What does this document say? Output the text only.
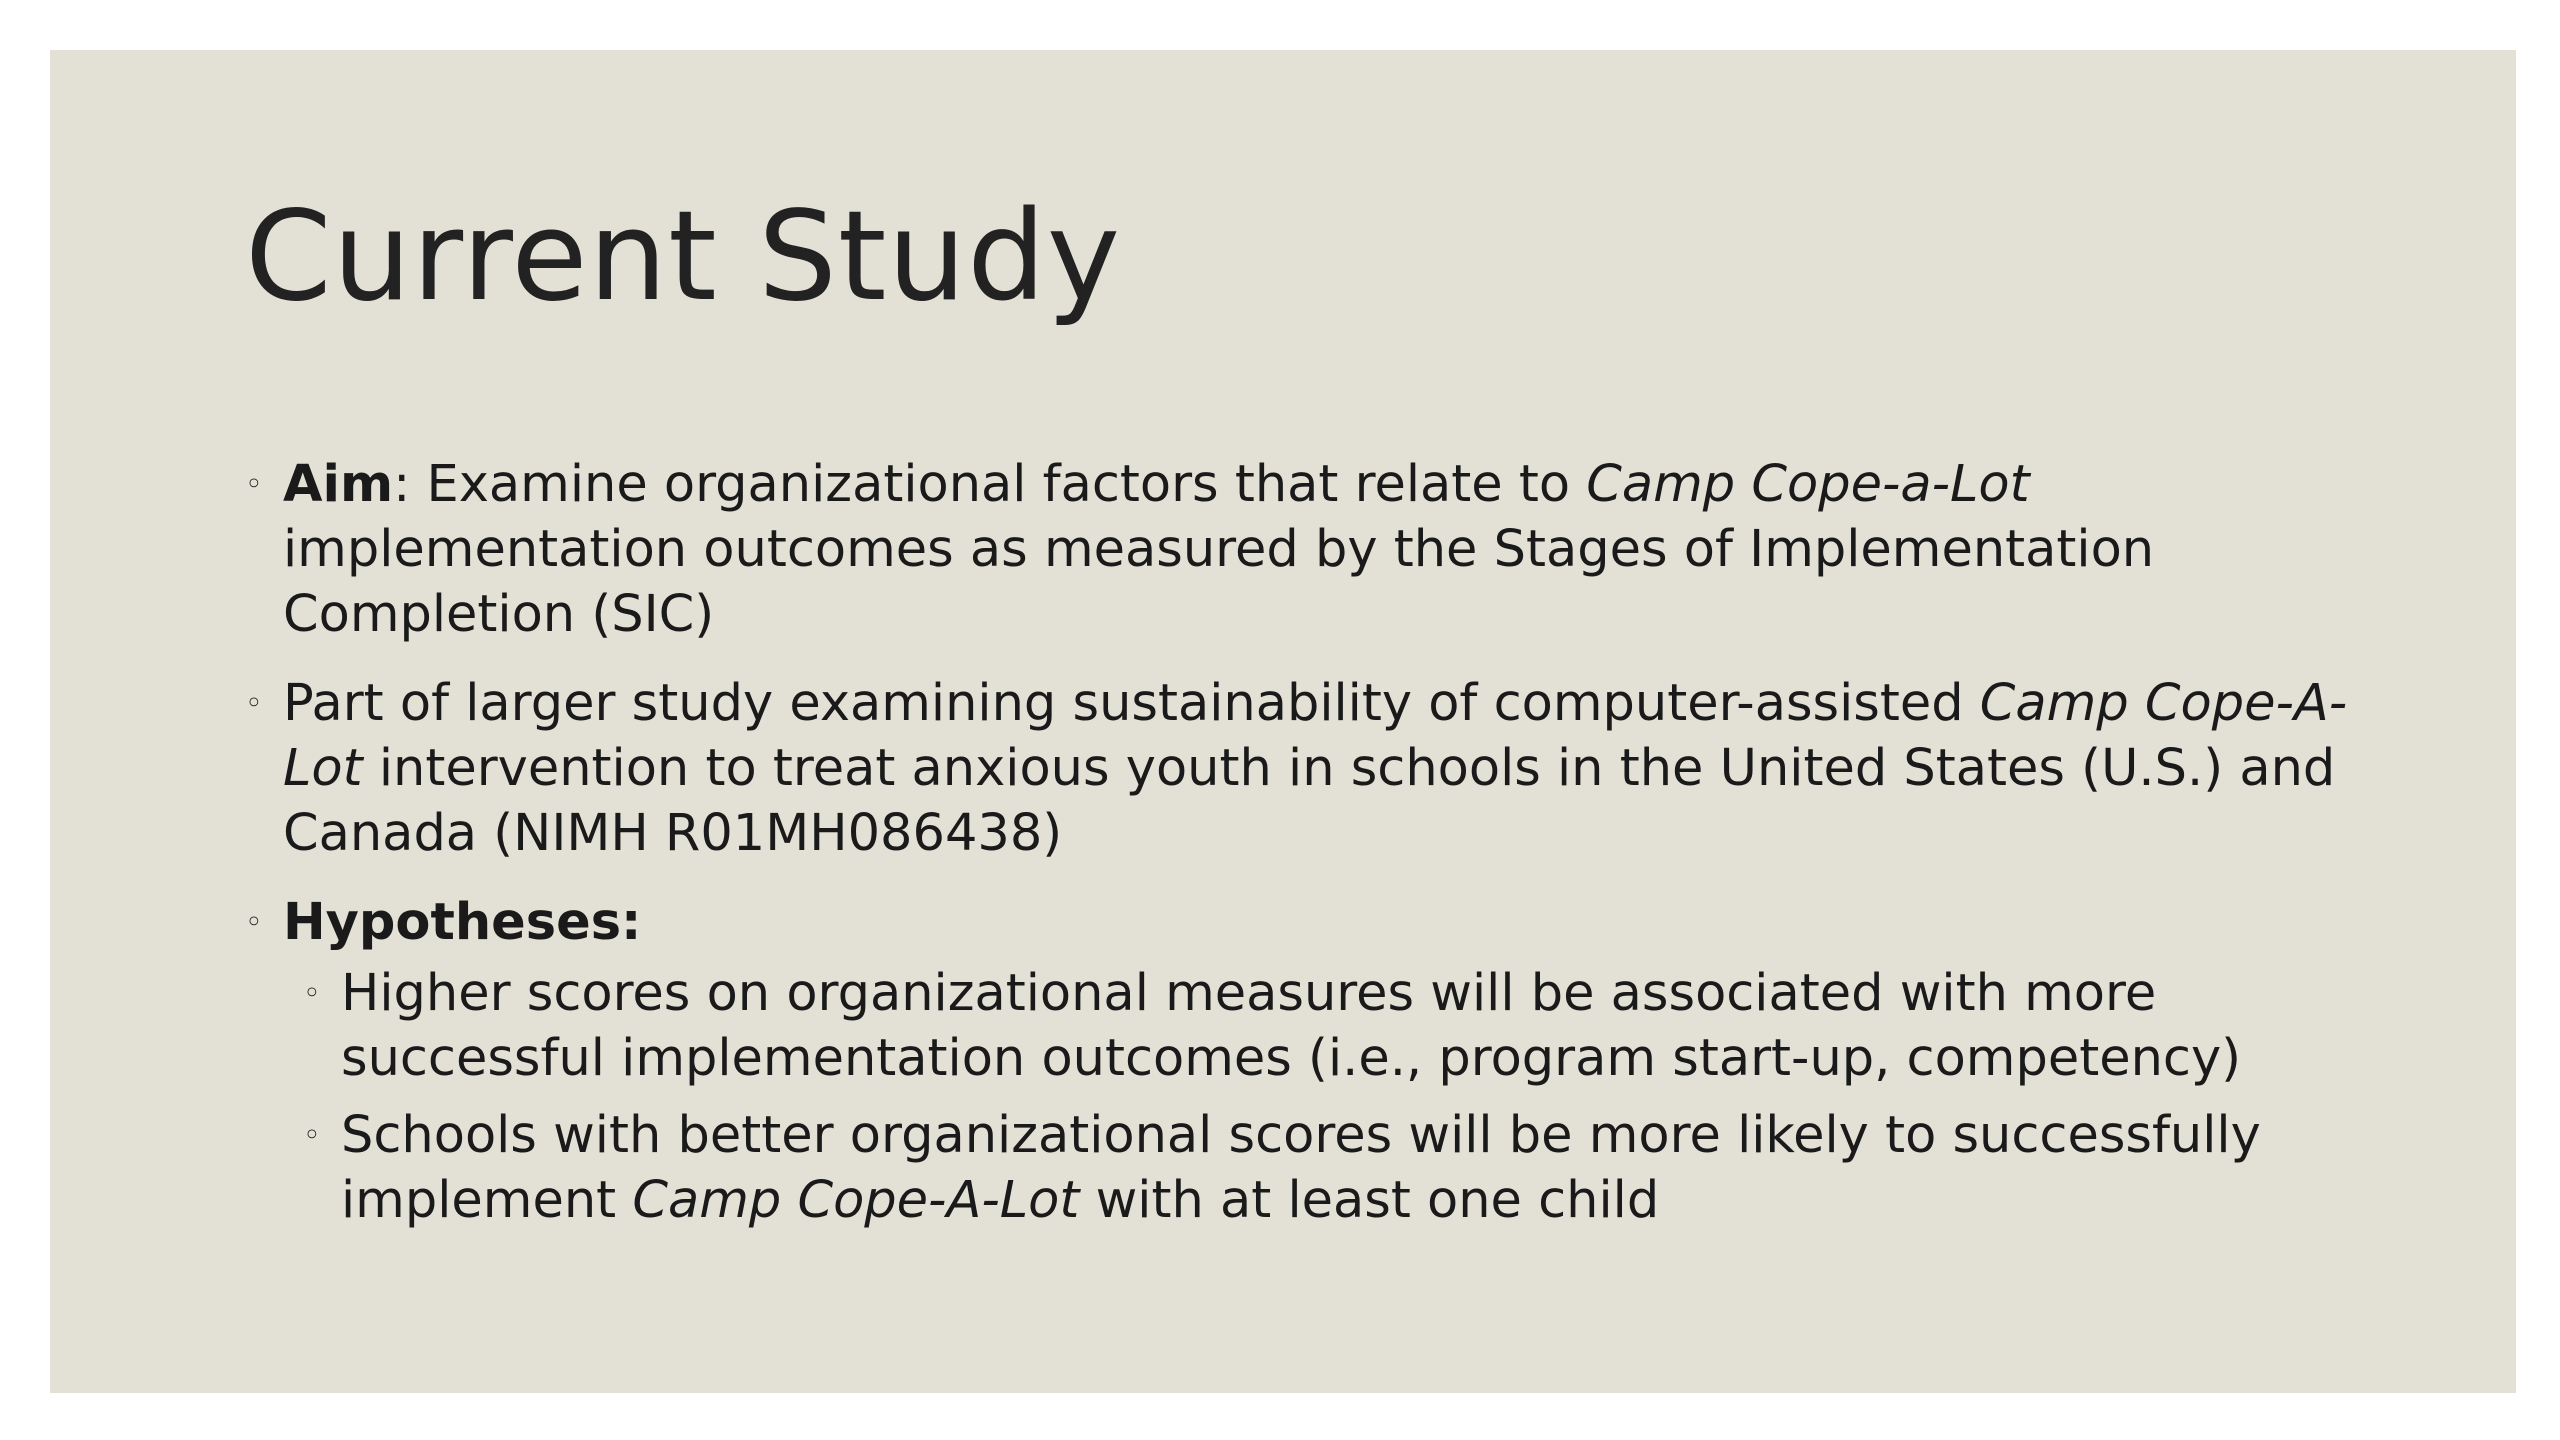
Current Study

◦ Aim: Examine organizational factors that relate to Camp Cope-a-Lot implementation outcomes as measured by the Stages of Implementation Completion (SIC)

◦ Part of larger study examining sustainability of computer-assisted Camp Cope-A-Lot intervention to treat anxious youth in schools in the United States (U.S.) and Canada (NIMH R01MH086438)

◦ Hypotheses:

◦ Higher scores on organizational measures will be associated with more successful implementation outcomes (i.e., program start-up, competency)

◦ Schools with better organizational scores will be more likely to successfully implement Camp Cope-A-Lot with at least one child
